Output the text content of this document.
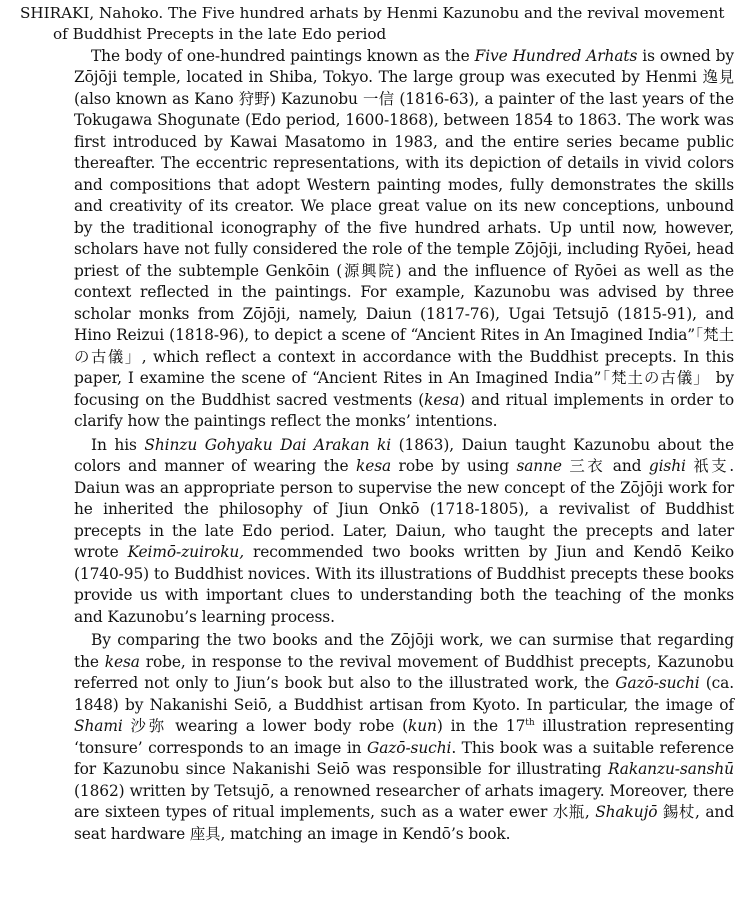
SHIRAKI, Nahoko. The Five hundred arhats by Henmi Kazunobu and the revival movement of Buddhist Precepts in the late Edo period

The body of one-hundred paintings known as the Five Hundred Arhats is owned by Zōjōji temple, located in Shiba, Tokyo. The large group was executed by Henmi 逸見 (also known as Kano 狩野) Kazunobu 一信 (1816-63), a painter of the last years of the Tokugawa Shogunate (Edo period, 1600-1868), between 1854 to 1863. The work was first introduced by Kawai Masatomo in 1983, and the entire series became public thereafter. The eccentric representations, with its depiction of details in vivid colors and compositions that adopt Western painting modes, fully demonstrates the skills and creativity of its creator. We place great value on its new conceptions, unbound by the traditional iconography of the five hundred arhats. Up until now, however, scholars have not fully considered the role of the temple Zōjōji, including Ryōei, head priest of the subtemple Genkōin (源興院) and the influence of Ryōei as well as the context reflected in the paintings. For example, Kazunobu was advised by three scholar monks from Zōjōji, namely, Daiun (1817-76), Ugai Tetsujō (1815-91), and Hino Reizui (1818-96), to depict a scene of “Ancient Rites in An Imagined India”「梵土の古儀」, which reflect a context in accordance with the Buddhist precepts. In this paper, I examine the scene of “Ancient Rites in An Imagined India”「梵土の古儀」 by focusing on the Buddhist sacred vestments (kesa) and ritual implements in order to clarify how the paintings reflect the monks’ intentions.

In his Shinzu Gohyaku Dai Arakan ki (1863), Daiun taught Kazunobu about the colors and manner of wearing the kesa robe by using sanne 三衣 and gishi 祇支. Daiun was an appropriate person to supervise the new concept of the Zōjōji work for he inherited the philosophy of Jiun Onkō (1718-1805), a revivalist of Buddhist precepts in the late Edo period. Later, Daiun, who taught the precepts and later wrote Keimō-zuiroku, recommended two books written by Jiun and Kendō Keiko (1740-95) to Buddhist novices. With its illustrations of Buddhist precepts these books provide us with important clues to understanding both the teaching of the monks and Kazunobu’s learning process.

By comparing the two books and the Zōjōji work, we can surmise that regarding the kesa robe, in response to the revival movement of Buddhist precepts, Kazunobu referred not only to Jiun’s book but also to the illustrated work, the Gazō-suchi (ca. 1848) by Nakanishi Seiō, a Buddhist artisan from Kyoto. In particular, the image of Shami 沙弥 wearing a lower body robe (kun) in the 17th illustration representing ‘tonsure’ corresponds to an image in Gazō-suchi. This book was a suitable reference for Kazunobu since Nakanishi Seiō was responsible for illustrating Rakanzu-sanshū (1862) written by Tetsujō, a renowned researcher of arhats imagery. Moreover, there are sixteen types of ritual implements, such as a water ewer 水瓶, Shakujō 錫杖, and seat hardware 座具, matching an image in Kendō’s book.
